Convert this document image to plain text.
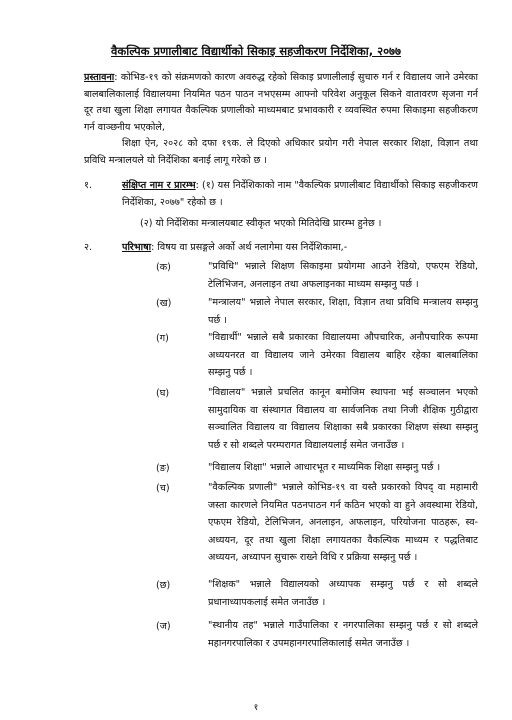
वैकल्पिक प्रणालीबाट विद्यार्थीको सिकाइ सहजीकरण निर्देशिका, २०७७
प्रस्तावना: कोभिड-१९ को संक्रमणको कारण अवरुद्ध रहेको सिकाइ प्रणालीलाई सुचारु गर्न र विद्यालय जाने उमेरका बालबालिकालाई विद्यालयमा नियमित पठन पाठन नभएसम्म आफ्नो परिवेश अनुकूल सिकने वातावरण सृजना गर्न दूर तथा खुला शिक्षा लगायत वैकल्पिक प्रणालीको माध्यमबाट प्रभावकारी र व्यवस्थित रुपमा सिकाइमा सहजीकरण गर्न वाञ्छनीय भएकोले,
शिक्षा ऐन, २०२८ को दफा १९क. ले दिएको अधिकार प्रयोग गरी नेपाल सरकार शिक्षा, विज्ञान तथा प्रविधि मन्त्रालयले यो निर्देशिका बनाई लागू गरेको छ ।
१.	संक्षिप्त नाम र प्रारम्भ: (१) यस निर्देशिकाको नाम "वैकल्पिक प्रणालीबाट विद्यार्थीको सिकाइ सहजीकरण निर्देशिका, २०७७" रहेको छ ।
(२) यो निर्देशिका मन्त्रालयबाट स्वीकृत भएको मितिदेखि प्रारम्भ हुनेछ ।
२.	परिभाषा: विषय वा प्रसङ्गले अर्को अर्थ नलागेमा यस निर्देशिकामा,-
(क)	"प्रविधि" भन्नाले शिक्षण सिकाइमा प्रयोगमा आउने रेडियो, एफएम रेडियो, टेलिभिजन, अनलाइन तथा अफलाइनका माध्यम सम्झनु पर्छ ।
(ख)	"मन्त्रालय" भन्नाले नेपाल सरकार, शिक्षा, विज्ञान तथा प्रविधि मन्त्रालय सम्झनु पर्छ ।
(ग)	"विद्यार्थी" भन्नाले सबै प्रकारका विद्यालयमा औपचारिक, अनौपचारिक रूपमा अध्ययनरत वा विद्यालय जाने उमेरका विद्यालय बाहिर रहेका बालबालिका सम्झनु पर्छ ।
(घ)	"विद्यालय" भन्नाले प्रचलित कानून बमोजिम स्थापना भई सञ्चालन भएको सामुदायिक वा संस्थागत विद्यालय वा सार्वजनिक तथा निजी शैक्षिक गुठीद्वारा सञ्चालित विद्यालय वा विद्यालय शिक्षाका सबै प्रकारका शिक्षण संस्था सम्झनु पर्छ र सो शब्दले परम्परागत विद्यालयलाई समेत जनाउँछ ।
(ङ)	"विद्यालय शिक्षा" भन्नाले आधारभूत र माध्यमिक शिक्षा सम्झनु पर्छ ।
(च)	"वैकल्पिक प्रणाली" भन्नाले कोभिड-१९ वा यस्तै प्रकारको विपद् वा महामारी जस्ता कारणले नियमित पठनपाठन गर्न कठिन भएको वा हुने अवस्थामा रेडियो, एफएम रेडियो, टेलिभिजन, अनलाइन, अफलाइन, परियोजना पाठहरू, स्व-अध्ययन, दूर तथा खुला शिक्षा लगायतका वैकल्पिक माध्यम र पद्धतिबाट अध्ययन, अध्यापन सुचारू राख्ने विधि र प्रक्रिया सम्झनु पर्छ ।
(छ)	"शिक्षक" भन्नाले विद्यालयको अध्यापक सम्झनु पर्छ र सो शब्दले प्रधानाध्यापकलाई समेत जनाउँछ ।
(ज)	"स्थानीय तह" भन्नाले गाउँपालिका र नगरपालिका सम्झनु पर्छ र सो शब्दले महानगरपालिका र उपमहानगरपालिकालाई समेत जनाउँछ ।
१
